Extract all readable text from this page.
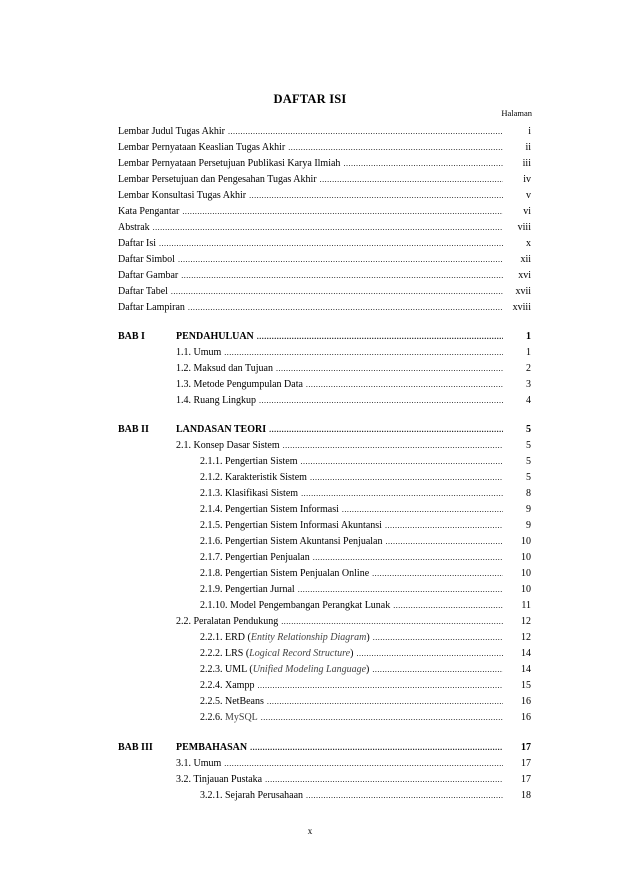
DAFTAR ISI
Halaman
Lembar Judul Tugas Akhir .....	i
Lembar Pernyataan Keaslian Tugas Akhir .....	ii
Lembar Pernyataan Persetujuan Publikasi Karya Ilmiah .....	iii
Lembar Persetujuan dan Pengesahan Tugas Akhir .....	iv
Lembar Konsultasi Tugas Akhir .....	v
Kata Pengantar .....	vi
Abstrak .....	viii
Daftar Isi .....	x
Daftar Simbol .....	xii
Daftar Gambar .....	xvi
Daftar Tabel .....	xvii
Daftar Lampiran .....	xviii
BAB I	PENDAHULUAN .....	1
1.1. Umum .....	1
1.2. Maksud dan Tujuan .....	2
1.3. Metode Pengumpulan Data .....	3
1.4. Ruang Lingkup .....	4
BAB II	LANDASAN TEORI .....	5
2.1. Konsep Dasar Sistem .....	5
2.1.1. Pengertian Sistem .....	5
2.1.2. Karakteristik Sistem .....	5
2.1.3. Klasifikasi Sistem .....	8
2.1.4. Pengertian Sistem Informasi .....	9
2.1.5. Pengertian Sistem Informasi Akuntansi .....	9
2.1.6. Pengertian Sistem Akuntansi Penjualan .....	10
2.1.7. Pengertian Penjualan .....	10
2.1.8. Pengertian Sistem Penjualan Online .....	10
2.1.9. Pengertian Jurnal .....	10
2.1.10. Model Pengembangan Perangkat Lunak .....	11
2.2. Peralatan Pendukung .....	12
2.2.1. ERD (Entity Relationship Diagram) .....	12
2.2.2. LRS (Logical Record Structure) .....	14
2.2.3. UML (Unified Modeling Language) .....	14
2.2.4. Xampp .....	15
2.2.5. NetBeans .....	16
2.2.6. MySQL .....	16
BAB III PEMBAHASAN .....	17
3.1. Umum .....	17
3.2. Tinjauan Pustaka .....	17
3.2.1. Sejarah Perusahaan .....	18
x
